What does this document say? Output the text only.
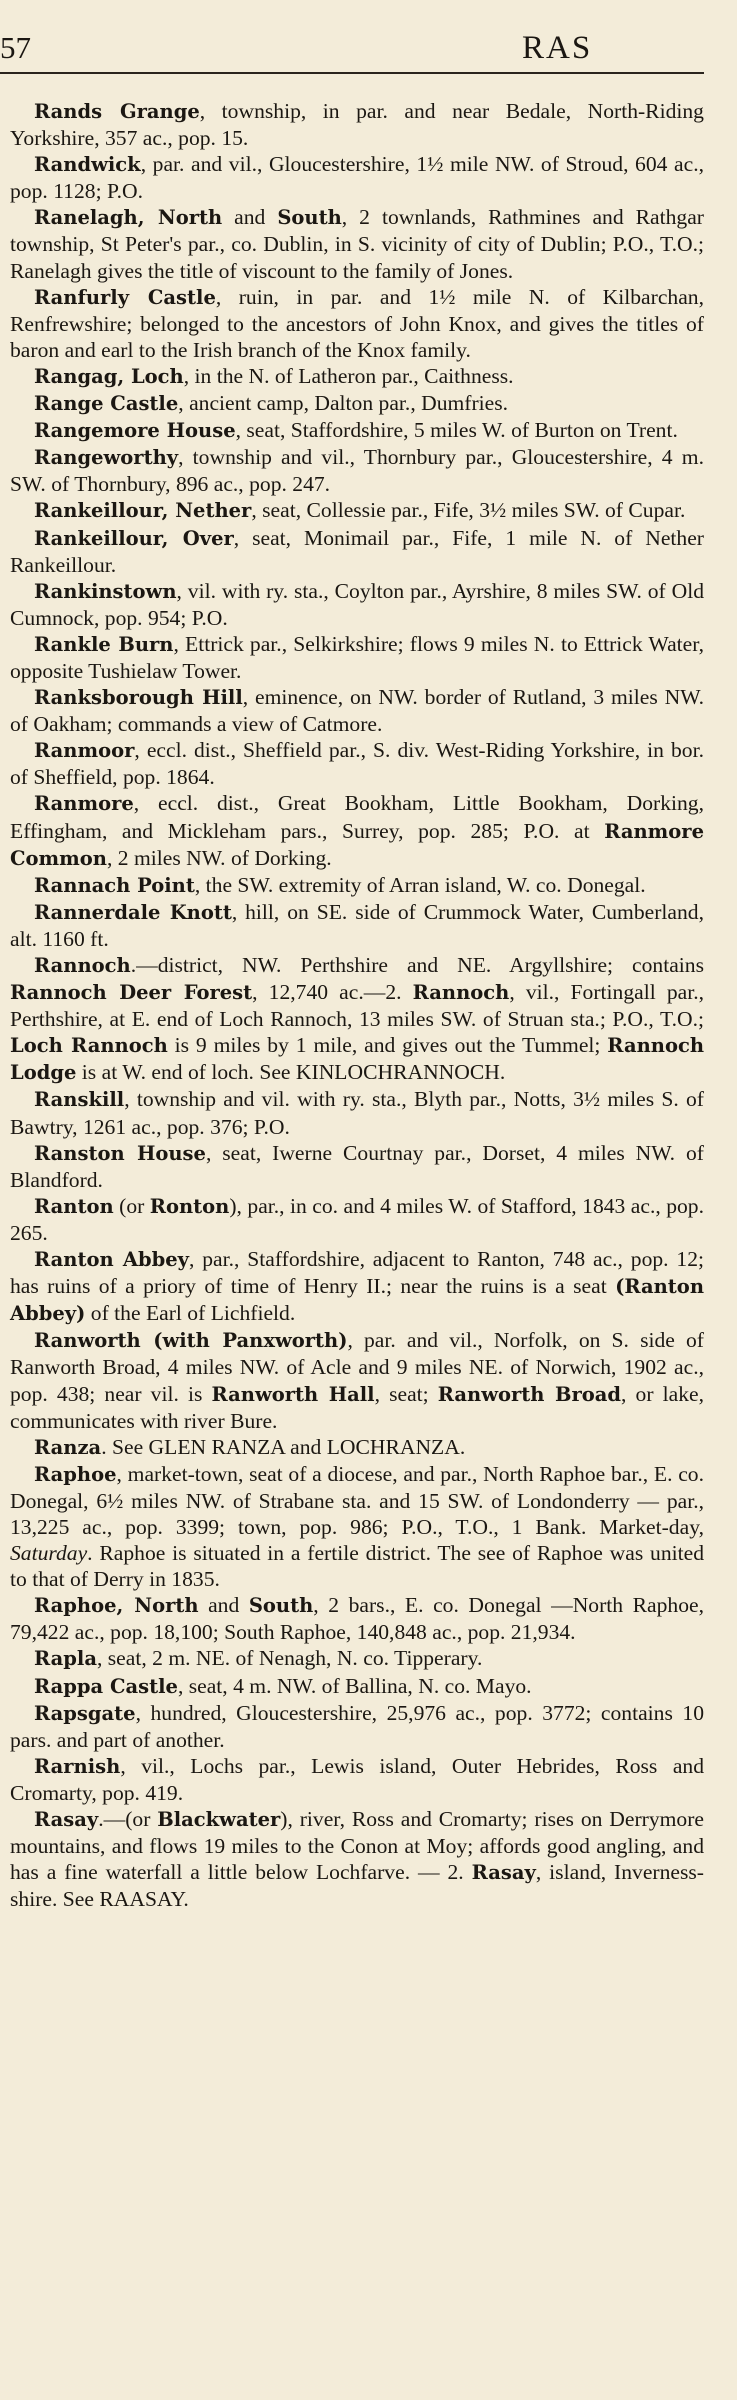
57	RAS

Rands Grange, township, in par. and near Bedale, North-Riding Yorkshire, 357 ac., pop. 15.

Randwick, par. and vil., Gloucestershire, 1½ mile NW. of Stroud, 604 ac., pop. 1128; P.O.

Ranelagh, North and South, 2 townlands, Rathmines and Rathgar township, St Peter's par., co. Dublin, in S. vicinity of city of Dublin; P.O., T.O.; Ranelagh gives the title of viscount to the family of Jones.

Ranfurly Castle, ruin, in par. and 1½ mile N. of Kilbarchan, Renfrewshire; belonged to the ancestors of John Knox, and gives the titles of baron and earl to the Irish branch of the Knox family.

Rangag, Loch, in the N. of Latheron par., Caithness.

Range Castle, ancient camp, Dalton par., Dumfries.

Rangemore House, seat, Staffordshire, 5 miles W. of Burton on Trent.

Rangeworthy, township and vil., Thornbury par., Gloucestershire, 4 m. SW. of Thornbury, 896 ac., pop. 247.

Rankeillour, Nether, seat, Collessie par., Fife, 3½ miles SW. of Cupar.

Rankeillour, Over, seat, Monimail par., Fife, 1 mile N. of Nether Rankeillour.

Rankinstown, vil. with ry. sta., Coylton par., Ayrshire, 8 miles SW. of Old Cumnock, pop. 954; P.O.

Rankle Burn, Ettrick par., Selkirkshire; flows 9 miles N. to Ettrick Water, opposite Tushielaw Tower.

Ranksborough Hill, eminence, on NW. border of Rutland, 3 miles NW. of Oakham; commands a view of Catmore.

Ranmoor, eccl. dist., Sheffield par., S. div. West-Riding Yorkshire, in bor. of Sheffield, pop. 1864.

Ranmore, eccl. dist., Great Bookham, Little Bookham, Dorking, Effingham, and Mickleham pars., Surrey, pop. 285; P.O. at Ranmore Common, 2 miles NW. of Dorking.

Rannach Point, the SW. extremity of Arran island, W. co. Donegal.

Rannerdale Knott, hill, on SE. side of Crummock Water, Cumberland, alt. 1160 ft.

Rannoch.—district, NW. Perthshire and NE. Argyllshire; contains Rannoch Deer Forest, 12,740 ac.—2. Rannoch, vil., Fortingall par., Perthshire, at E. end of Loch Rannoch, 13 miles SW. of Struan sta.; P.O., T.O.; Loch Rannoch is 9 miles by 1 mile, and gives out the Tummel; Rannoch Lodge is at W. end of loch. See KINLOCHRANNOCH.

Ranskill, township and vil. with ry. sta., Blyth par., Notts, 3½ miles S. of Bawtry, 1261 ac., pop. 376; P.O.

Ranston House, seat, Iwerne Courtnay par., Dorset, 4 miles NW. of Blandford.

Ranton (or Ronton), par., in co. and 4 miles W. of Stafford, 1843 ac., pop. 265.

Ranton Abbey, par., Staffordshire, adjacent to Ranton, 748 ac., pop. 12; has ruins of a priory of time of Henry II.; near the ruins is a seat (Ranton Abbey) of the Earl of Lichfield.

Ranworth (with Panxworth), par. and vil., Norfolk, on S. side of Ranworth Broad, 4 miles NW. of Acle and 9 miles NE. of Norwich, 1902 ac., pop. 438; near vil. is Ranworth Hall, seat; Ranworth Broad, or lake, communicates with river Bure.

Ranza. See GLEN RANZA and LOCHRANZA.

Raphoe, market-town, seat of a diocese, and par., North Raphoe bar., E. co. Donegal, 6½ miles NW. of Strabane sta. and 15 SW. of Londonderry — par., 13,225 ac., pop. 3399; town, pop. 986; P.O., T.O., 1 Bank. Market-day, Saturday. Raphoe is situated in a fertile district. The see of Raphoe was united to that of Derry in 1835.

Raphoe, North and South, 2 bars., E. co. Donegal —North Raphoe, 79,422 ac., pop. 18,100; South Raphoe, 140,848 ac., pop. 21,934.

Rapla, seat, 2 m. NE. of Nenagh, N. co. Tipperary.

Rappa Castle, seat, 4 m. NW. of Ballina, N. co. Mayo.

Rapsgate, hundred, Gloucestershire, 25,976 ac., pop. 3772; contains 10 pars. and part of another.

Rarnish, vil., Lochs par., Lewis island, Outer Hebrides, Ross and Cromarty, pop. 419.

Rasay.—(or Blackwater), river, Ross and Cromarty; rises on Derrymore mountains, and flows 19 miles to the Conon at Moy; affords good angling, and has a fine waterfall a little below Lochfarve. — 2. Rasay, island, Inverness-shire. See RAASAY.
